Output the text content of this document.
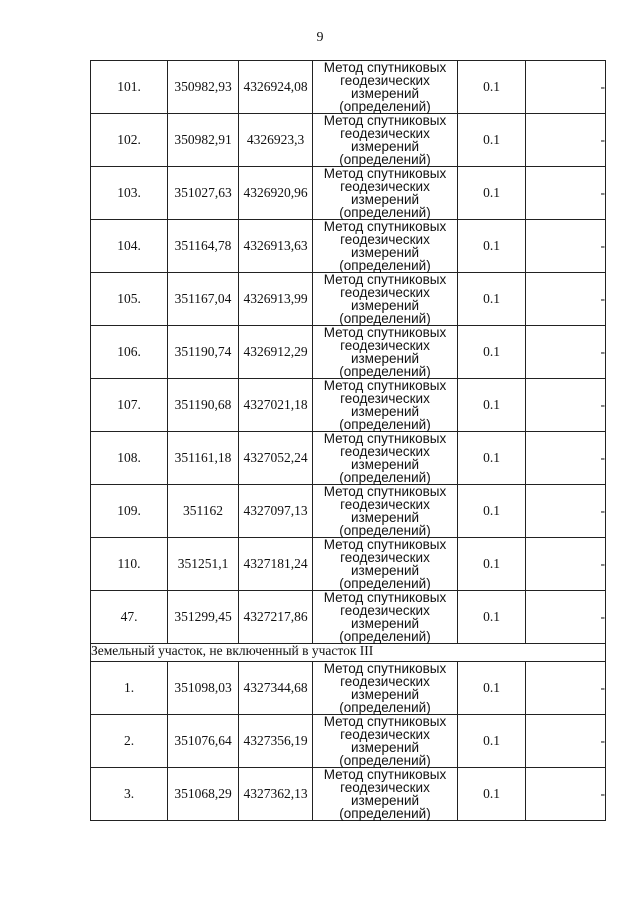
9
101.	350982,93	4326924,08	Метод спутниковых
геодезических измерений
(определений)	0.1	-
102.	350982,91	4326923,3	Метод спутниковых
геодезических измерений
(определений)	0.1	-
103.	351027,63	4326920,96	Метод спутниковых
геодезических измерений
(определений)	0.1	-
104.	351164,78	4326913,63	Метод спутниковых
геодезических измерений
(определений)	0.1	-
105.	351167,04	4326913,99	Метод спутниковых
геодезических измерений
(определений)	0.1	-
106.	351190,74	4326912,29	Метод спутниковых
геодезических измерений
(определений)	0.1	-
107.	351190,68	4327021,18	Метод спутниковых
геодезических измерений
(определений)	0.1	-
108.	351161,18	4327052,24	Метод спутниковых
геодезических измерений
(определений)	0.1	-
109.	351162	4327097,13	Метод спутниковых
геодезических измерений
(определений)	0.1	-
110.	351251,1	4327181,24	Метод спутниковых
геодезических измерений
(определений)	0.1	-
47.	351299,45	4327217,86	Метод спутниковых
геодезических измерений
(определений)	0.1	-
Земельный участок, не включенный в участок III					
1.	351098,03	4327344,68	Метод спутниковых
геодезических измерений
(определений)	0.1	-
2.	351076,64	4327356,19	Метод спутниковых
геодезических измерений
(определений)	0.1	-
3.	351068,29	4327362,13	Метод спутниковых
геодезических измерений
(определений)	0.1	-
